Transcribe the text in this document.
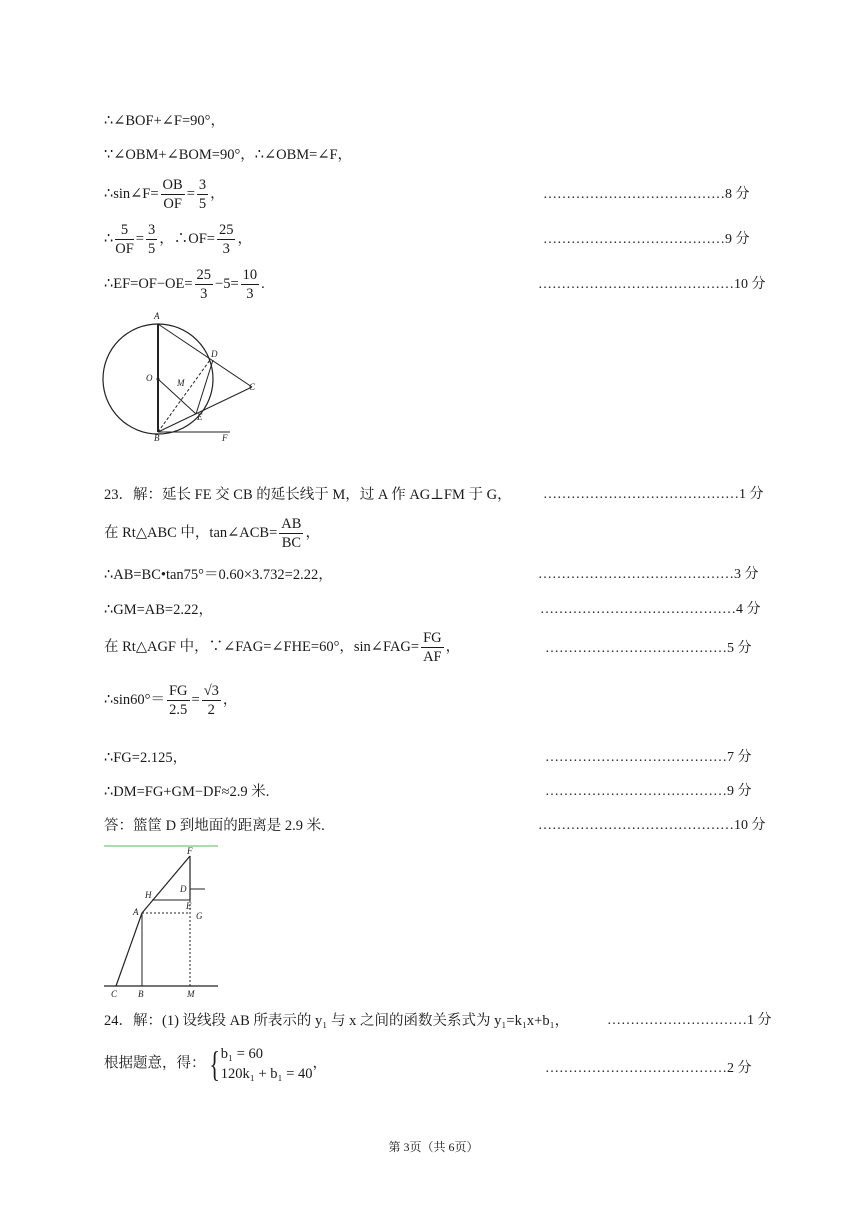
∴∠BOF+∠F=90°，
∵∠OBM+∠BOM=90°，∴∠OBM=∠F，
∴sin∠F= $\frac{OB}{OF} = \frac{3}{5}$ ，	…………………………………8 分
∴ $\frac{5}{OF} = \frac{3}{5}$ ，∴OF= $\frac{25}{3}$ ，	…………………………………9 分
∴EF=OF−OE= $\frac{25}{3} -5= \frac{10}{3}$ .	……………………………………10 分
A
D
O	M	C
E
B	F
23．解：延长 FE 交 CB 的延长线于 M，过 A 作 AG⊥FM 于 G， ……………………………………1 分
在 Rt△ABC 中，tan∠ACB= $\frac{AB}{BC}$ ，
∴AB=BC•tan75°＝0.60×3.732=2.22，	……………………………………3 分
∴GM=AB=2.22，	……………………………………4 分
在 Rt△AGF 中，∵∠FAG=∠FHE=60°，sin∠FAG= $\frac{FG}{AF}$ ，	…………………………………5 分
∴sin60°＝ $\frac{FG}{2.5} = \frac{√3}{2}$ ，
∴FG=2.125，	…………………………………7 分
∴DM=FG+GM−DF≈2.9 米.	…………………………………9 分
答：篮筐 D 到地面的距离是 2.9 米.	……………………………………10 分
F
H
D
A
E
G
C B	M
24．解：(1) 设线段 AB 所表示的 y₁ 与 x 之间的函数关系式为 y₁=k₁x+b₁，	…………………………1 分
根据题意，得：{ b₁ = 60
120k₁ + b₁ = 40
，	…………………………………2 分
第 3页（共 6页）
